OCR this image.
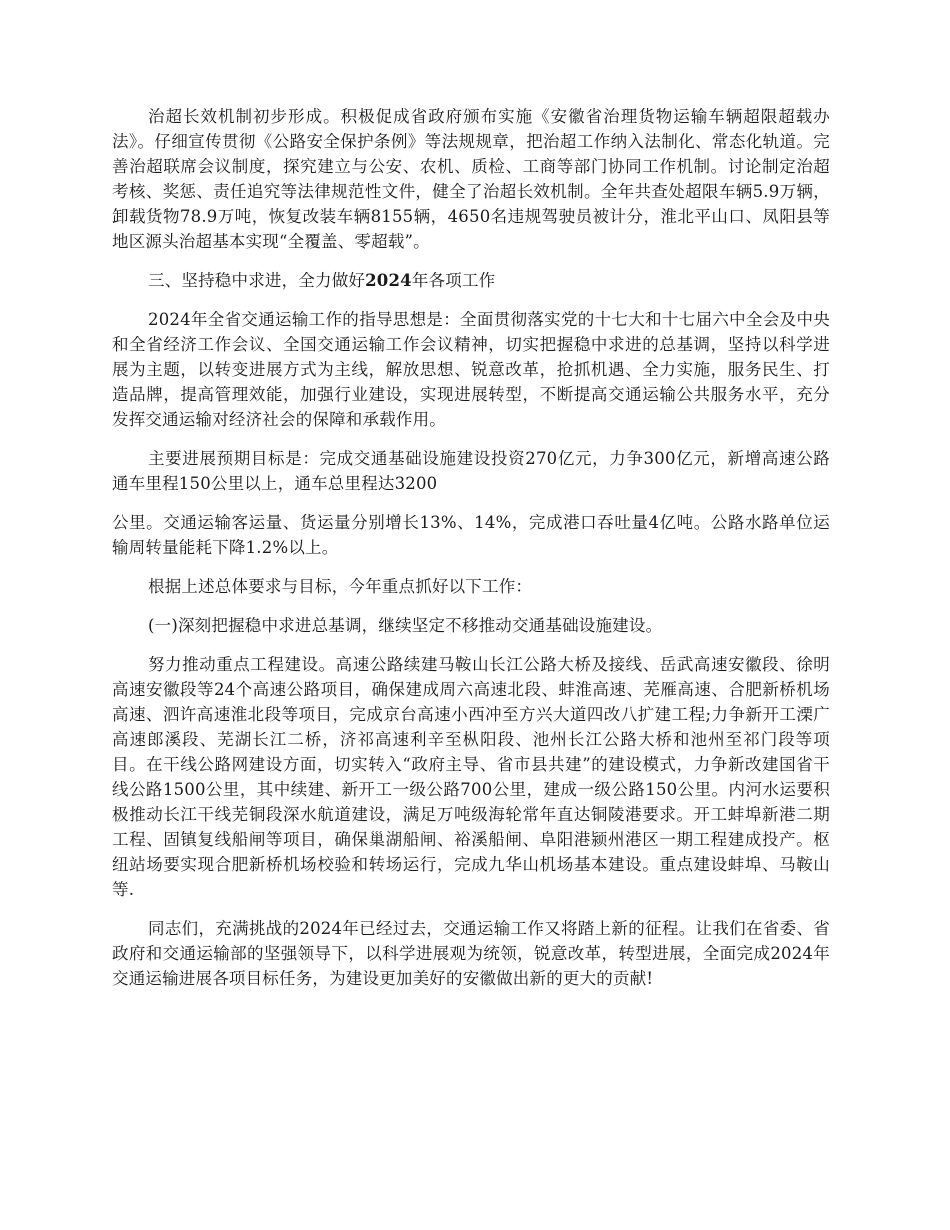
治超长效机制初步形成。积极促成省政府颁布实施《安徽省治理货物运输车辆超限超载办法》。仔细宣传贯彻《公路安全保护条例》等法规规章，把治超工作纳入法制化、常态化轨道。完善治超联席会议制度，探究建立与公安、农机、质检、工商等部门协同工作机制。讨论制定治超考核、奖惩、责任追究等法律规范性文件，健全了治超长效机制。全年共查处超限车辆5.9万辆，卸载货物78.9万吨，恢复改装车辆8155辆，4650名违规驾驶员被计分，淮北平山口、凤阳县等地区源头治超基本实现“全覆盖、零超载”。

三、坚持稳中求进，全力做好2024年各项工作

2024年全省交通运输工作的指导思想是：全面贯彻落实党的十七大和十七届六中全会及中央和全省经济工作会议、全国交通运输工作会议精神，切实把握稳中求进的总基调，坚持以科学进展为主题，以转变进展方式为主线，解放思想、锐意改革，抢抓机遇、全力实施，服务民生、打造品牌，提高管理效能，加强行业建设，实现进展转型，不断提高交通运输公共服务水平，充分发挥交通运输对经济社会的保障和承载作用。

主要进展预期目标是：完成交通基础设施建设投资270亿元，力争300亿元，新增高速公路通车里程150公里以上，通车总里程达3200

公里。交通运输客运量、货运量分别增长13%、14%，完成港口吞吐量4亿吨。公路水路单位运输周转量能耗下降1.2%以上。

根据上述总体要求与目标，今年重点抓好以下工作：

(一)深刻把握稳中求进总基调，继续坚定不移推动交通基础设施建设。

努力推动重点工程建设。高速公路续建马鞍山长江公路大桥及接线、岳武高速安徽段、徐明高速安徽段等24个高速公路项目，确保建成周六高速北段、蚌淮高速、芜雁高速、合肥新桥机场高速、泗许高速淮北段等项目，完成京台高速小西冲至方兴大道四改八扩建工程;力争新开工溧广高速郎溪段、芜湖长江二桥，济祁高速利辛至枞阳段、池州长江公路大桥和池州至祁门段等项目。在干线公路网建设方面，切实转入“政府主导、省市县共建”的建设模式，力争新改建国省干线公路1500公里，其中续建、新开工一级公路700公里，建成一级公路150公里。内河水运要积极推动长江干线芜铜段深水航道建设，满足万吨级海轮常年直达铜陵港要求。开工蚌埠新港二期工程、固镇复线船闸等项目，确保巢湖船闸、裕溪船闸、阜阳港颍州港区一期工程建成投产。枢纽站场要实现合肥新桥机场校验和转场运行，完成九华山机场基本建设。重点建设蚌埠、马鞍山等.

同志们，充满挑战的2024年已经过去，交通运输工作又将踏上新的征程。让我们在省委、省政府和交通运输部的坚强领导下，以科学进展观为统领，锐意改革，转型进展，全面完成2024年交通运输进展各项目标任务，为建设更加美好的安徽做出新的更大的贡献!
